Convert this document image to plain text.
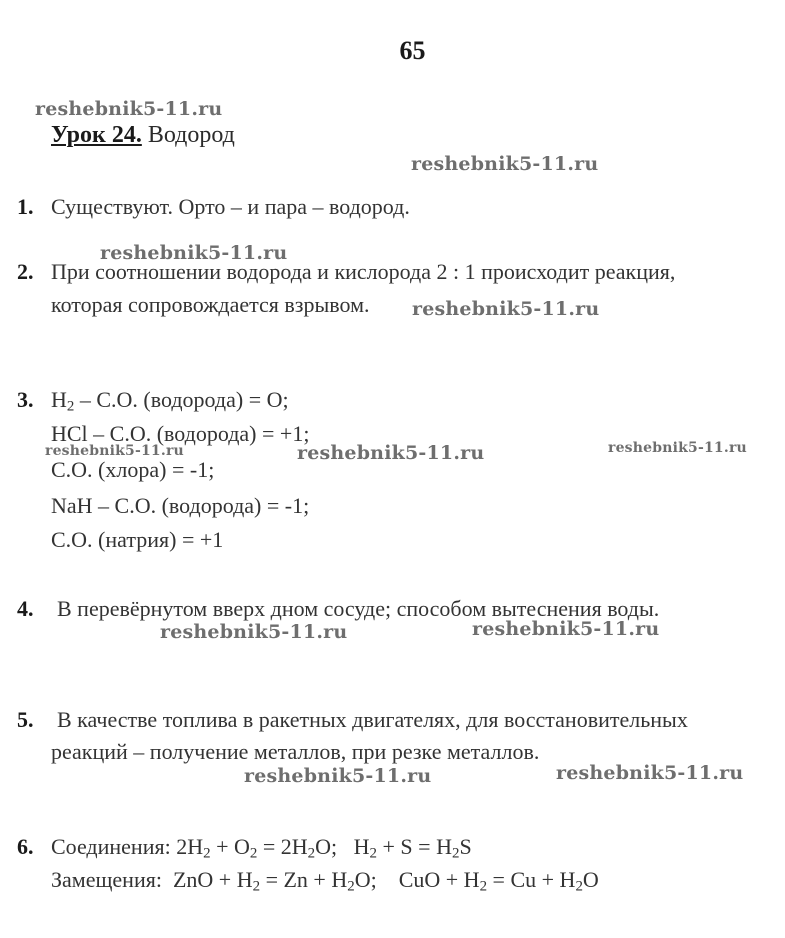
65
reshebnik5-11.ru
reshebnik5-11.ru
reshebnik5-11.ru
reshebnik5-11.ru
reshebnik5-11.ru	reshebnik5-11.ru	reshebnik5-11.ru
reshebnik5-11.ru	reshebnik5-11.ru
reshebnik5-11.ru	reshebnik5-11.ru
Урок 24. Водород
1. Существуют. Орто – и пара – водород.
2. При соотношении водорода и кислорода 2 : 1 происходит реакция,
которая сопровождается взрывом.
3. $H_2 - С.О$. (водорода) = О;
HCl – C.O. (водорода) = +1;
С.О. (хлора) = -1;
NaH – C.O. (водорода) = -1;
С.О. (натрия) = +1
4. В перевёрнутом вверх дном сосуде; способом вытеснения воды.
5. В качестве топлива в ракетных двигателях, для восстановительных
реакций – получение металлов, при резке металлов.
6. Соединения: $2H_2 + O_2 = 2H_2O$;   $H_2 + S = H_2S$
Замещения:  ZnO + $H_2 = Zn + H_2O$;    CuO + $H_2 = Cu + H_2O$
